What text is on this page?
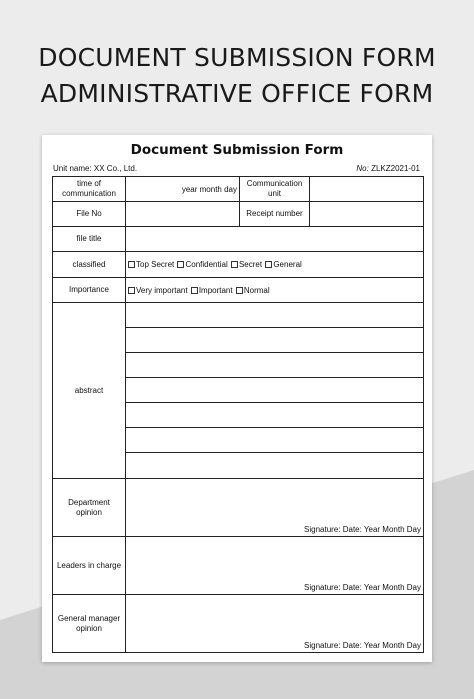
DOCUMENT SUBMISSION FORM
ADMINISTRATIVE OFFICE FORM
Document Submission Form
Unit name: XX Co., Ltd.	No: ZLKZ2021-01
time of communication	year month day	Communication unit	
File No		Receipt number	
file title			
classified	Top Secret Confidential Secret General		
Importance	Very important Important Normal		
abstract			

Department opinion	Signature: Date: Year Month Day		

Leaders in charge	Signature: Date: Year Month Day		

General manager opinion	Signature: Date: Year Month Day		
